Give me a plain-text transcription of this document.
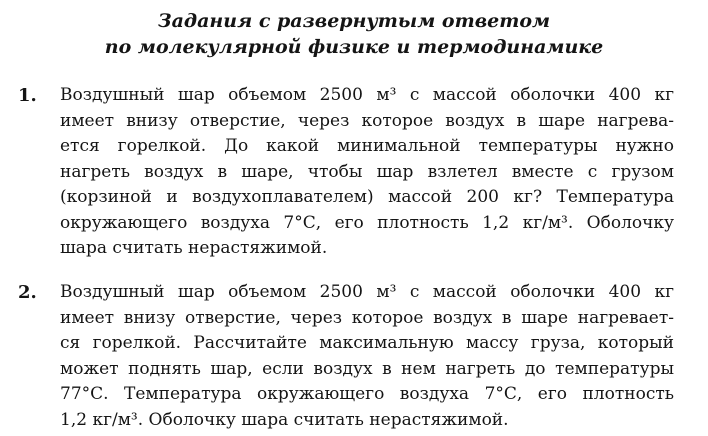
Задания с развернутым ответом
по молекулярной физике и термодинамике
1. Воздушный шар объемом 2500 м³ с массой оболочки 400 кг
имеет внизу отверстие, через которое воздух в шаре нагрева-
ется горелкой. До какой минимальной температуры нужно
нагреть воздух в шаре, чтобы шар взлетел вместе с грузом
(корзиной и воздухоплавателем) массой 200 кг? Температура
окружающего воздуха 7°С, его плотность 1,2 кг/м³. Оболочку
шара считать нерастяжимой.
2. Воздушный шар объемом 2500 м³ с массой оболочки 400 кг
имеет внизу отверстие, через которое воздух в шаре нагревает-
ся горелкой. Рассчитайте максимальную массу груза, который
может поднять шар, если воздух в нем нагреть до температуры
77°С. Температура окружающего воздуха 7°С, его плотность
1,2 кг/м³. Оболочку шара считать нерастяжимой.
